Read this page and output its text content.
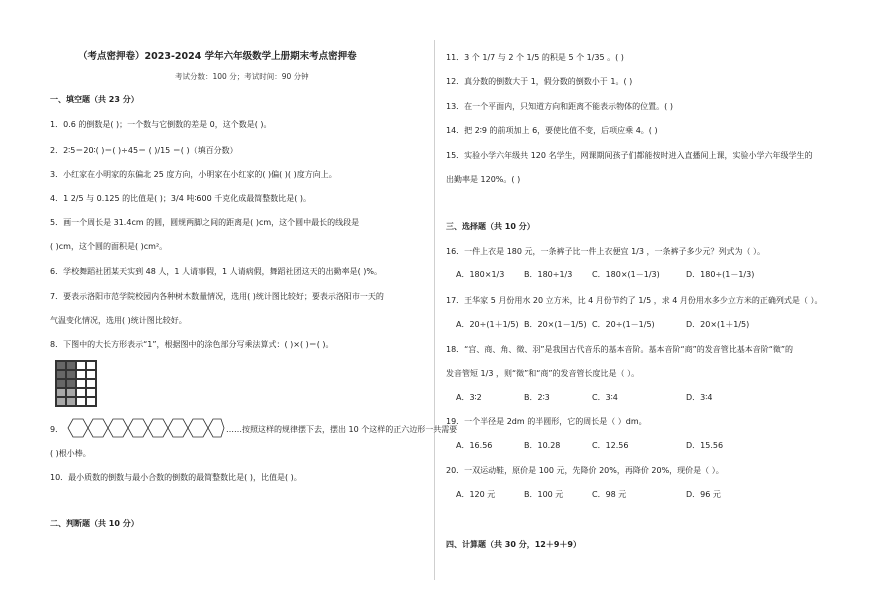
（考点密押卷）2023-2024 学年六年级数学上册期末考点密押卷
考试分数：100 分；考试时间：90 分钟
一、填空题（共 23 分）
1．0.6 的倒数是( )；一个数与它倒数的差是 0，这个数是( )。
2．2∶5＝20∶( )＝( )÷45＝ ( )/15 ＝( )（填百分数）
3．小红家在小明家的东偏北 25 度方向，小明家在小红家的( )偏( )( )度方向上。
4．1 2/5 与 0.125 的比值是( )；3/4 吨∶600 千克化成最简整数比是( )。
5．画一个周长是 31.4cm 的圆，圆规两脚之间的距离是( )cm，这个圆中最长的线段是
( )cm，这个圆的面积是( )cm²。
6．学校舞蹈社团某天实到 48 人，1 人请事假，1 人请病假，舞蹈社团这天的出勤率是( )%。
7．要表示洛阳市范学院校园内各种树木数量情况，选用( )统计图比较好；要表示洛阳市一天的
气温变化情况，选用( )统计图比较好。
8．下图中的大长方形表示“1”，根据图中的涂色部分写乘法算式：( )×( )＝( )。
9．	……按照这样的规律摆下去，摆出 10 个这样的正六边形一共需要
( )根小棒。
10．最小质数的倒数与最小合数的倒数的最简整数比是( )，比值是( )。
二、判断题（共 10 分）
11．3 个 1/7 与 2 个 1/5 的积是 5 个 1/35 。( )
12．真分数的倒数大于 1，假分数的倒数小于 1。( )
13．在一个平面内，只知道方向和距离不能表示物体的位置。( )
14．把 2∶9 的前项加上 6，要使比值不变，后项应乘 4。( )
15．实验小学六年级共 120 名学生，网课期间孩子们都能按时进入直播间上课，实验小学六年级学生的
出勤率是 120%。( )
三、选择题（共 10 分）
16．一件上衣是 180 元，一条裤子比一件上衣便宜 1/3 ，一条裤子多少元？列式为（ ）。
A．180×1/3 B．180÷1/3 C．180×(1－1/3)	D．180÷(1－1/3)
17．王华家 5 月份用水 20 立方米，比 4 月份节约了 1/5 ，求 4 月份用水多少立方米的正确列式是（ ）。
A．20÷(1＋1/5) B．20×(1－1/5) C．20÷(1－1/5)	D．20×(1＋1/5)
18．“宫、商、角、徵、羽”是我国古代音乐的基本音阶。基本音阶“商”的发音管比基本音阶“徵”的
发音管短 1/3 ，则“徵”和“商”的发音管长度比是（ ）。
A．3∶2	B．2∶3	C．3∶4	D．3∶4
19．一个半径是 2dm 的半圆形，它的周长是（ ）dm。
A．16.56	B．10.28	C．12.56	D．15.56
20．一双运动鞋，原价是 100 元，先降价 20%，再降价 20%，现价是（ ）。
A．120 元	B．100 元	C．98 元	D．96 元
四、计算题（共 30 分，12＋9＋9）
